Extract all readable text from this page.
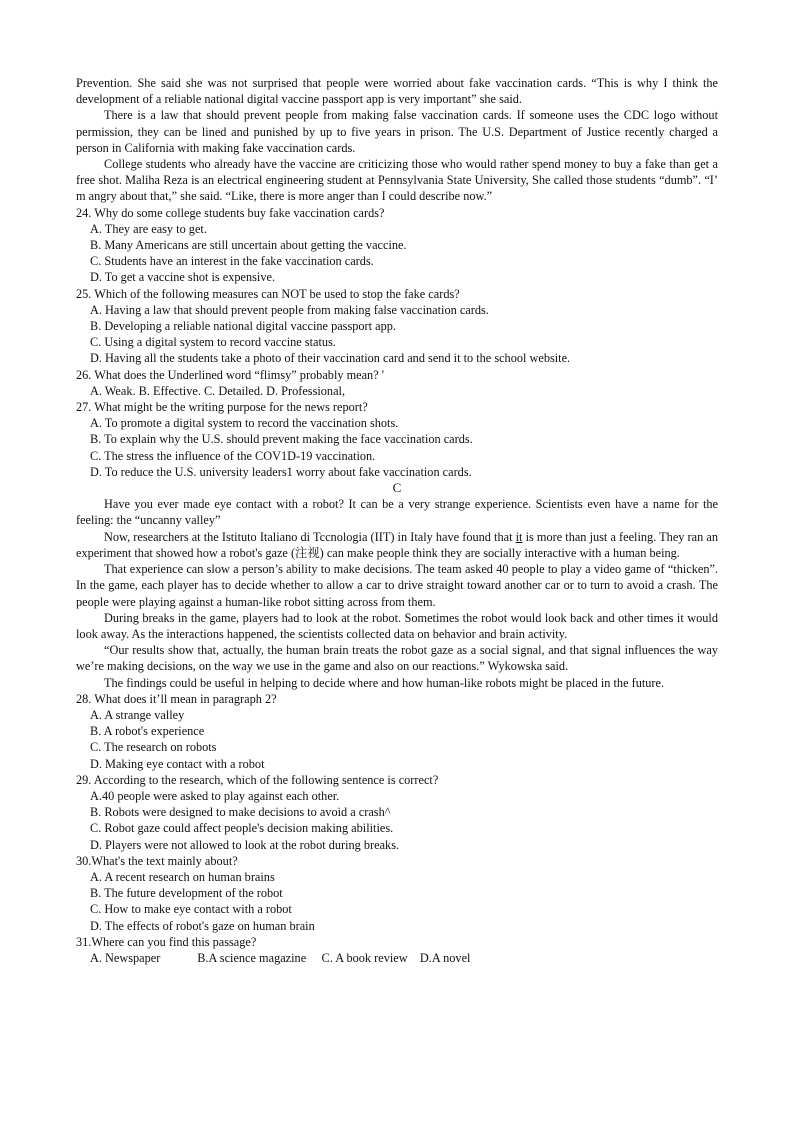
Prevention. She said she was not surprised that people were worried about fake vaccination cards. “This is why I think the development of a reliable national digital vaccine passport app is very important” she said.

There is a law that should prevent people from making false vaccination cards. If someone uses the CDC logo without permission, they can be lined and punished by up to five years in prison. The U.S. Department of Justice recently charged a person in California with making fake vaccination cards.

College students who already have the vaccine are criticizing those who would rather spend money to buy a fake than get a free shot. Maliha Reza is an electrical engineering student at Pennsylvania State University, She called those students “dumb”. “I’ m angry about that,” she said. “Like, there is more anger than I could describe now.”

24. Why do some college students buy fake vaccination cards?

A. They are easy to get.

B. Many Americans are still uncertain about getting the vaccine.

C. Students have an interest in the fake vaccination cards.

D. To get a vaccine shot is expensive.

25. Which of the following measures can NOT be used to stop the fake cards?

A. Having a law that should prevent people from making false vaccination cards.

B. Developing a reliable national digital vaccine passport app.

C. Using a digital system to record vaccine status.

D. Having all the students take a photo of their vaccination card and send it to the school website.

26. What does the Underlined word “flimsy” probably mean? '

A. Weak. B. Effective. C. Detailed. D. Professional,

27. What might be the writing purpose for the news report?

A. To promote a digital system to record the vaccination shots.

B. To explain why the U.S. should prevent making the face vaccination cards.

C. The stress the influence of the COV1D-19 vaccination.

D. To reduce the U.S. university leaders1 worry about fake vaccination cards.

C

Have you ever made eye contact with a robot? It can be a very strange experience. Scientists even have a name for the feeling: the “uncanny valley”

Now, researchers at the Istituto Italiano di Tccnologia (IIT) in Italy have found that it is more than just a feeling. They ran an experiment that showed how a robot's gaze (注视) can make people think they are socially interactive with a human being.

That experience can slow a person’s ability to make decisions. The team asked 40 people to play a video game of “thicken”. In the game, each player has to decide whether to allow a car to drive straight toward another car or to turn to avoid a crash. The people were playing against a human-like robot sitting across from them.

During breaks in the game, players had to look at the robot. Sometimes the robot would look back and other times it would look away. As the interactions happened, the scientists collected data on behavior and brain activity.

“Our results show that, actually, the human brain treats the robot gaze as a social signal, and that signal influences the way we’re making decisions, on the way we use in the game and also on our reactions.” Wykowska said.

The findings could be useful in helping to decide where and how human-like robots might be placed in the future.

28. What does it’ll mean in paragraph 2?

A. A strange valley

B. A robot's experience

C. The research on robots

D. Making eye contact with a robot

29. According to the research, which of the following sentence is correct?

A.40 people were asked to play against each other.

B. Robots were designed to make decisions to avoid a crash^

C. Robot gaze could affect people's decision making abilities.

D. Players were not allowed to look at the robot during breaks.

30.What's the text mainly about?

A. A recent research on human brains

B. The future development of the robot

C. How to make eye contact with a robot

D. The effects of robot's gaze on human brain

31.Where can you find this passage?

A. Newspaper            B.A science magazine     C. A book review    D.A novel
